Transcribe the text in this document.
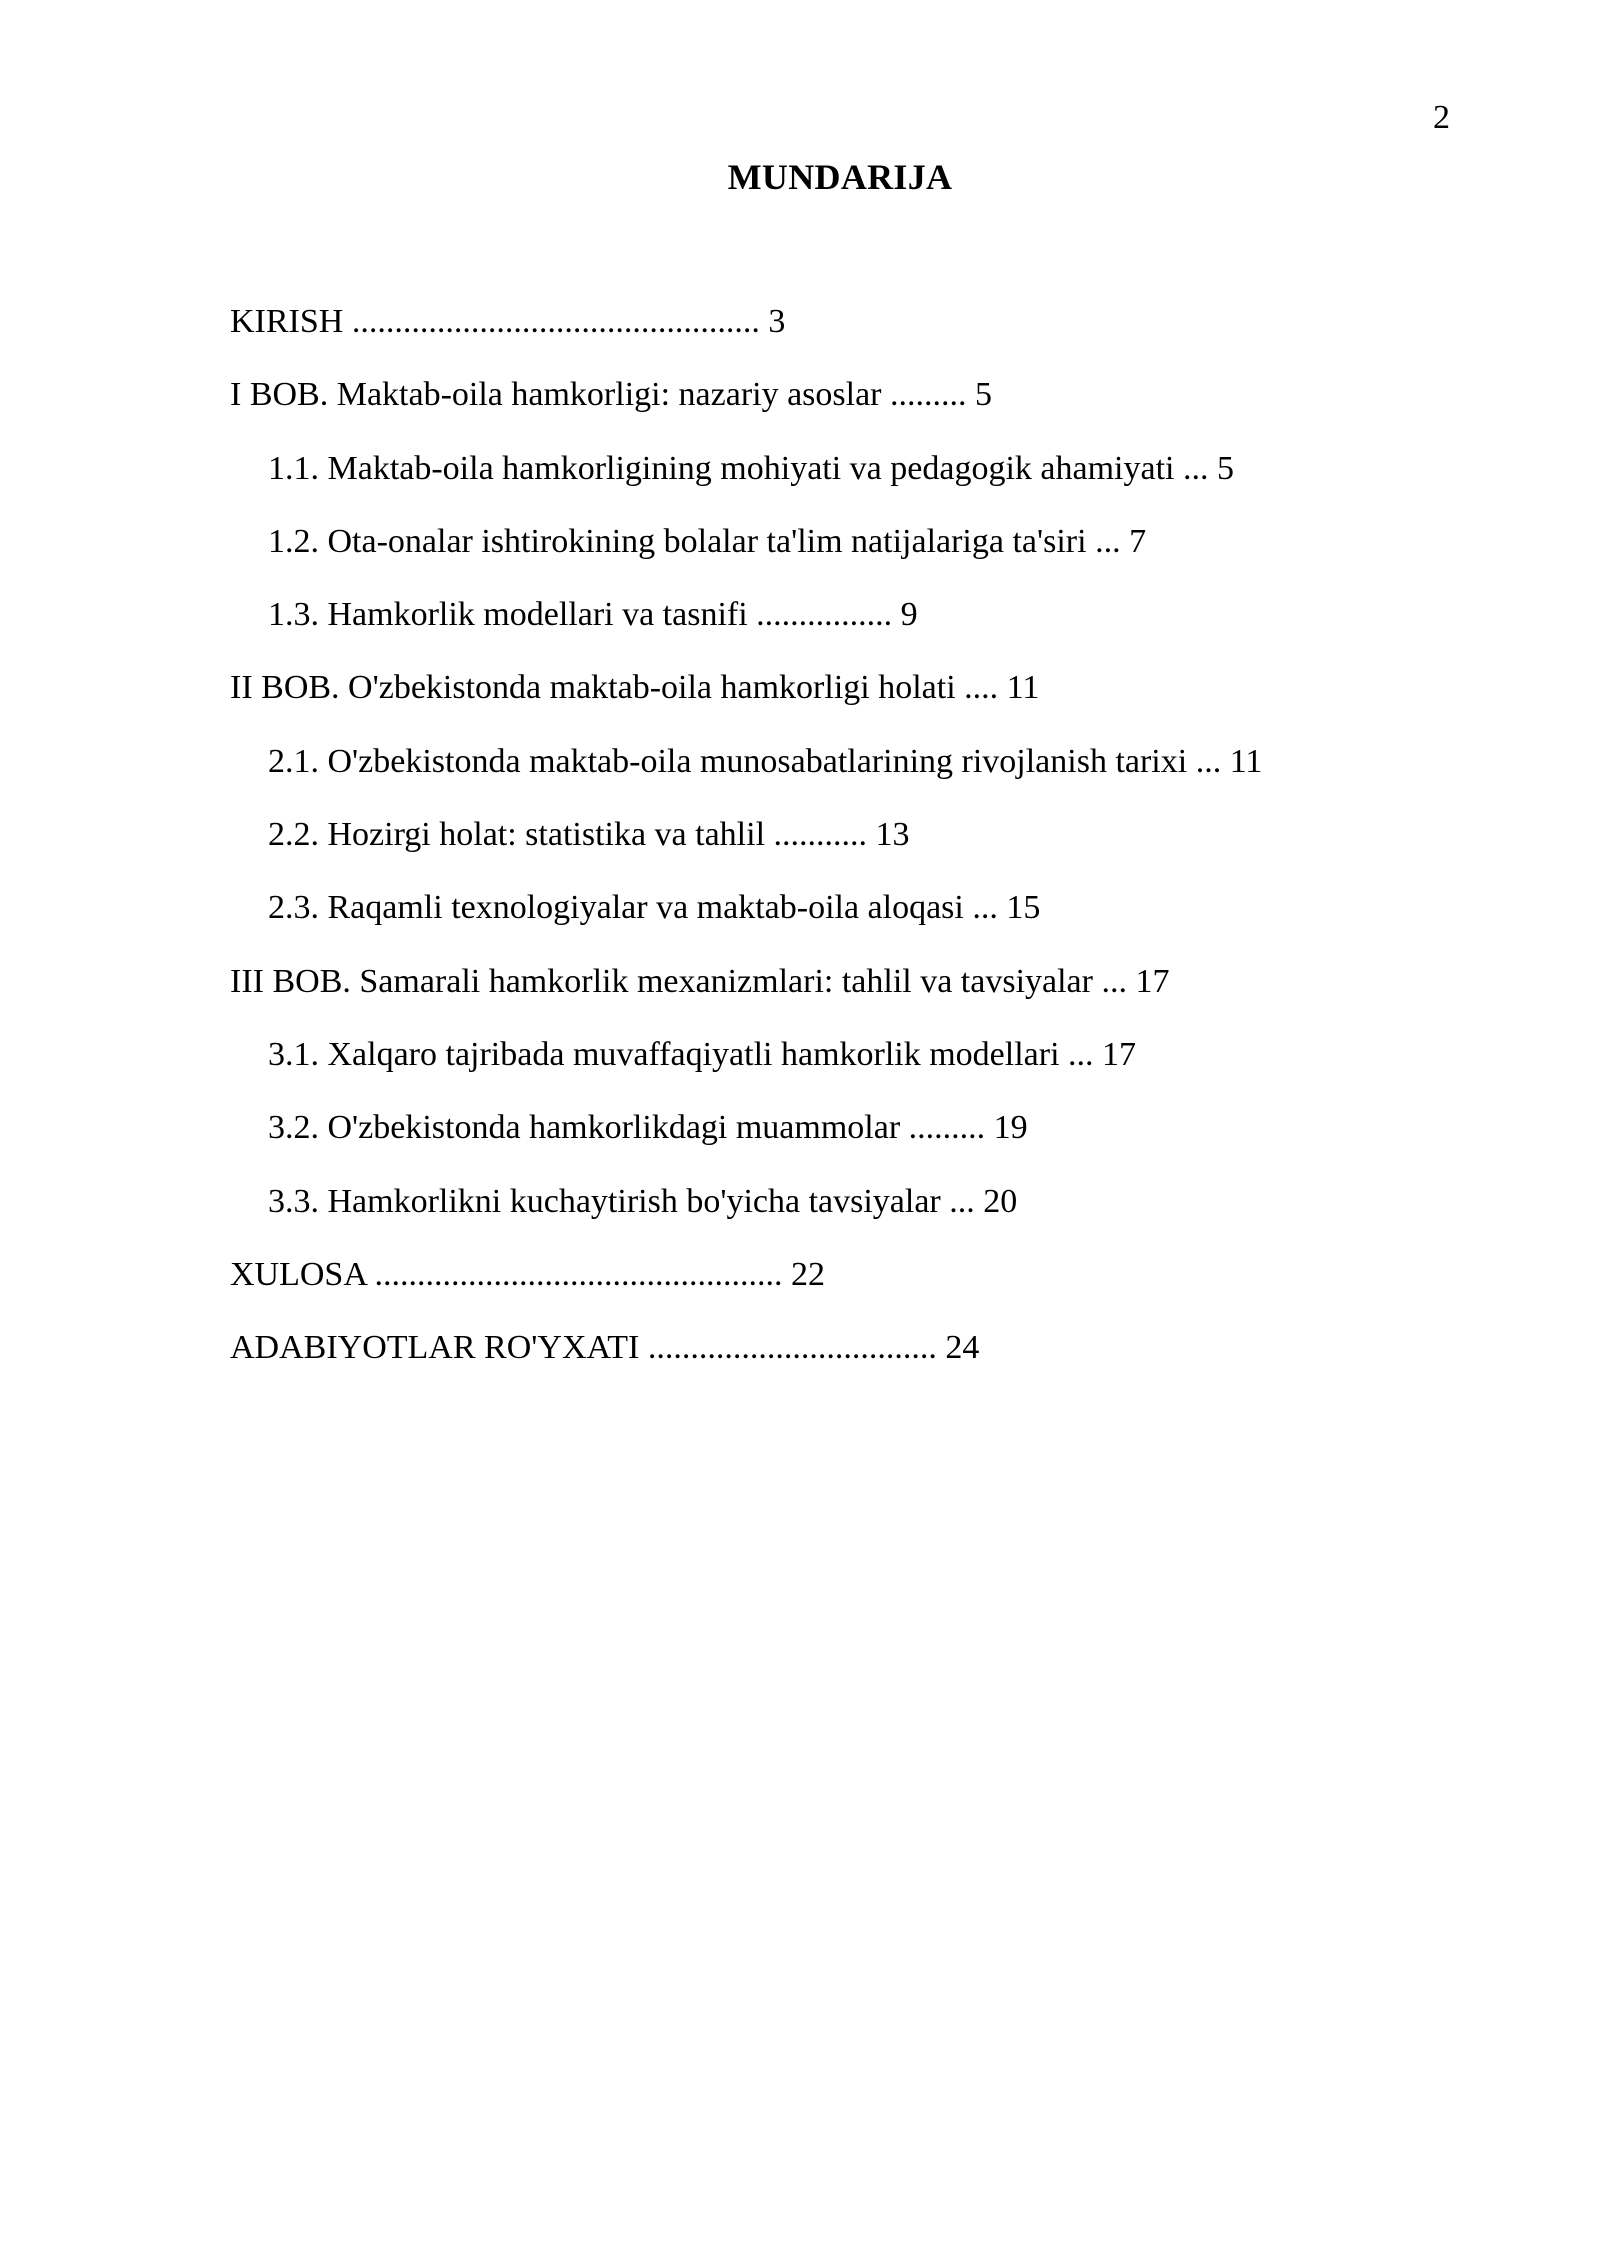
2
MUNDARIJA
KIRISH ................................................ 3
I BOB. Maktab-oila hamkorligi: nazariy asoslar ......... 5
1.1. Maktab-oila hamkorligining mohiyati va pedagogik ahamiyati ... 5
1.2. Ota-onalar ishtirokining bolalar ta'lim natijalariga ta'siri ... 7
1.3. Hamkorlik modellari va tasnifi ................ 9
II BOB. O'zbekistonda maktab-oila hamkorligi holati .... 11
2.1. O'zbekistonda maktab-oila munosabatlarining rivojlanish tarixi ... 11
2.2. Hozirgi holat: statistika va tahlil ........... 13
2.3. Raqamli texnologiyalar va maktab-oila aloqasi ... 15
III BOB. Samarali hamkorlik mexanizmlari: tahlil va tavsiyalar ... 17
3.1. Xalqaro tajribada muvaffaqiyatli hamkorlik modellari ... 17
3.2. O'zbekistonda hamkorlikdagi muammolar ......... 19
3.3. Hamkorlikni kuchaytirish bo'yicha tavsiyalar ... 20
XULOSA ................................................ 22
ADABIYOTLAR RO'YXATI .................................. 24
